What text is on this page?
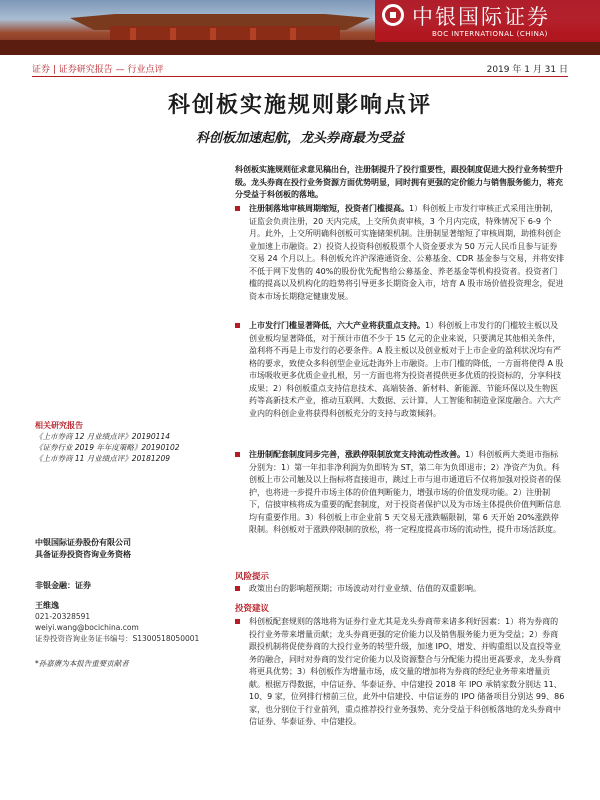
中银国际证券
BOC INTERNATIONAL (CHINA)
证券 | 证券研究报告 — 行业点评	2019 年 1 月 31 日
科创板实施规则影响点评
科创板加速起航，龙头券商最为受益

科创板实施规则征求意见稿出台，注册制提升了投行重要性，跟投制度促进大投行业务转型升级。龙头券商在投行业务资源方面优势明显，同时拥有更强的定价能力与销售服务能力，将充分受益于科创板的落地。

注册制落地审核周期缩短，投资者门槛提高。1）科创板上市发行审核正式采用注册制，证监会负责注册，20 天内完成，上交所负责审核，3 个月内完成，特殊情况下 6-9 个月。此外，上交所明确科创板可实施储架机制。注册制显著缩短了审核周期，助推科创企业加速上市融资。2）投资人投资科创板股票个人资金要求为 50 万元人民币且参与证券交易 24 个月以上。科创板允许沪深港通资金、公募基金、CDR 基金参与交易，并将安排不低于网下发售的 40%的股份优先配售给公募基金、养老基金等机构投资者。投资者门槛的提高以及机构化的趋势将引导更多长期资金入市，培育 A 股市场价值投资理念，促进资本市场长期稳定健康发展。
上市发行门槛显著降低，六大产业将获重点支持。1）科创板上市发行的门槛较主板以及创业板均显著降低，对于预计市值不少于 15 亿元的企业来说，只要满足其他相关条件，盈利将不再是上市发行的必要条件。A 股主板以及创业板对于上市企业的盈利状况均有严格的要求，致使众多科创型企业远赴海外上市融资。上市门槛的降低，一方面将使得 A 股市场吸收更多优质企业扎根，另一方面也将为投资者提供更多优质的投资标的，分享科技成果；2）科创板重点支持信息技术、高端装备、新材料、新能源、节能环保以及生物医药等高新技术产业，推动互联网、大数据、云计算、人工智能和制造业深度融合。六大产业内的科创企业将获得科创板充分的支持与政策倾斜。
注册制配套制度同步完善，涨跌停限制放宽支持流动性改善。1）科创板两大类退市指标分别为：1）第一年扣非净利润为负即转为 ST，第二年为负即退市；2）净资产为负。科创板上市公司触及以上指标将直接退市，跳过上市与退市通道后不仅将加强对投资者的保护，也将进一步提升市场主体的价值判断能力，增强市场的价值发现功能。2）注册制下，信披审核将成为重要的配套制度，对于投资者保护以及为市场主体提供价值判断信息均有重要作用。3）科创板上市企业前 5 天交易无涨跌幅限制，第 6 天开始 20%涨跌停限制。科创板对于涨跌停限制的放松，将一定程度提高市场的流动性，提升市场活跃度。
风险提示
政策出台的影响超预期；市场波动对行业业绩、估值的双重影响。
投资建议
科创板配套规则的落地将为证券行业尤其是龙头券商带来诸多利好因素：1）将为券商的投行业务带来增量贡献；龙头券商更强的定价能力以及销售服务能力更为受益；2）券商跟投机制将促使券商的大投行业务的转型升级，加速 IPO、增发、并购重组以及直投等业务的融合，同时对券商的发行定价能力以及资源整合与分配能力提出更高要求，龙头券商将更具优势；3）科创板作为增量市场，成交量的增加将为券商的经纪业务带来增量贡献。根据万得数据，中信证券、华泰证券、中信建投 2018 年 IPO 承销家数分别达 11、10、9 家，位列排行榜前三位，此外中信建投、中信证券的 IPO 储备项目分别达 99、86 家，也分别位于行业前列，重点推荐投行业务强势、充分受益于科创板落地的龙头券商中信证券、华泰证券、中信建投。
相关研究报告
《上市券商 12 月业绩点评》20190114
《证券行业 2019 年年度策略》20190102
《上市券商 11 月业绩点评》20181209
中银国际证券股份有限公司
具备证券投资咨询业务资格
非银金融：证券
王维逸
021-20328591
weiyi.wang@bocichina.com
证券投资咨询业务证书编号：S1300518050001
*孙嘉赓为本报告重要贡献者
